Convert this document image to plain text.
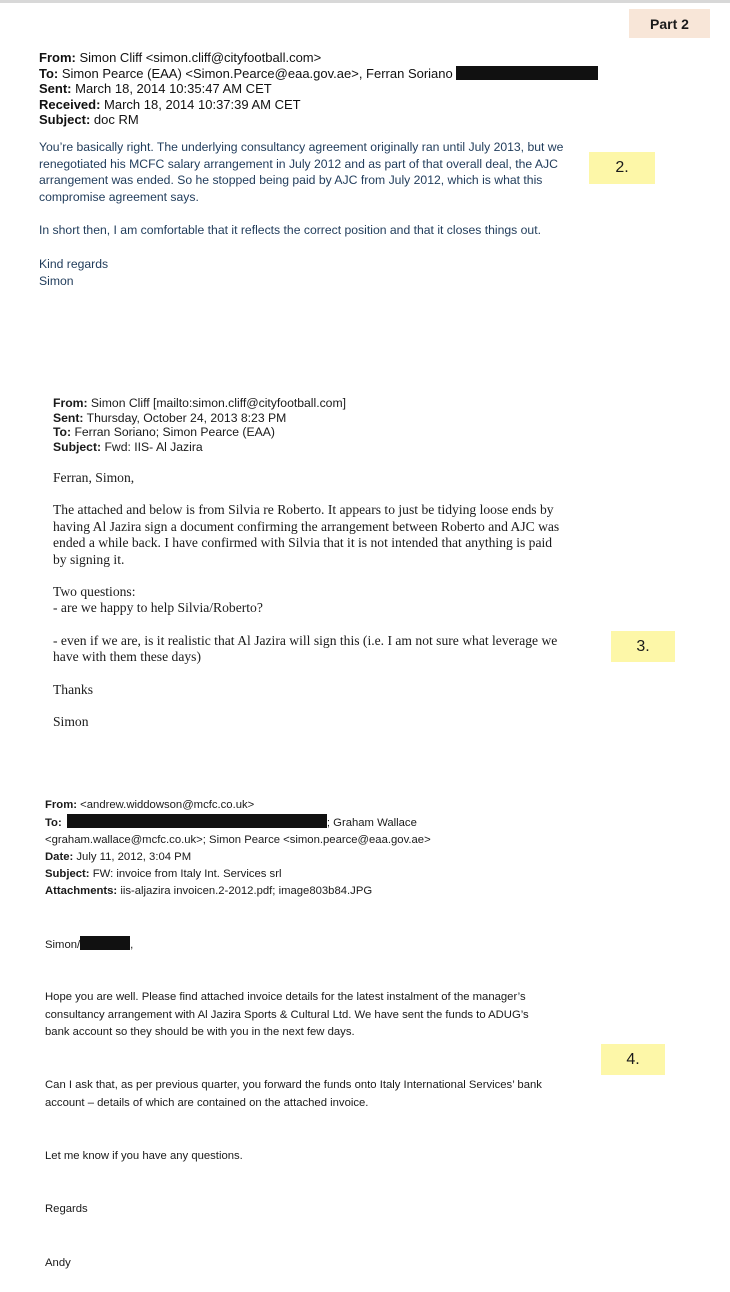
Part 2
2.
3.
4.
From: Simon Cliff <simon.cliff@cityfootball.com>
To: Simon Pearce (EAA) <Simon.Pearce@eaa.gov.ae>, Ferran Soriano
Sent: March 18, 2014 10:35:47 AM CET
Received: March 18, 2014 10:37:39 AM CET
Subject: doc RM

You’re basically right. The underlying consultancy agreement originally ran until July 2013, but we
renegotiated his MCFC salary arrangement in July 2012 and as part of that overall deal, the AJC
arrangement was ended. So he stopped being paid by AJC from July 2012, which is what this
compromise agreement says.

In short then, I am comfortable that it reflects the correct position and that it closes things out.

Kind regards
Simon

From: Simon Cliff [mailto:simon.cliff@cityfootball.com]
Sent: Thursday, October 24, 2013 8:23 PM
To: Ferran Soriano; Simon Pearce (EAA)
Subject: Fwd: IIS- Al Jazira

Ferran, Simon,

The attached and below is from Silvia re Roberto. It appears to just be tidying loose ends by
having Al Jazira sign a document confirming the arrangement between Roberto and AJC was
ended a while back. I have confirmed with Silvia that it is not intended that anything is paid
by signing it.

Two questions:
- are we happy to help Silvia/Roberto?

- even if we are, is it realistic that Al Jazira will sign this (i.e. I am not sure what leverage we
have with them these days)

Thanks

Simon

From: <andrew.widdowson@mcfc.co.uk>
To:	; Graham Wallace
<graham.wallace@mcfc.co.uk>; Simon Pearce <simon.pearce@eaa.gov.ae>
Date: July 11, 2012, 3:04 PM
Subject: FW: invoice from Italy Int. Services srl
Attachments: iis-aljazira invoicen.2-2012.pdf; image803b84.JPG
Simon/	,
Hope you are well. Please find attached invoice details for the latest instalment of the manager’s
consultancy arrangement with Al Jazira Sports & Cultural Ltd. We have sent the funds to ADUG’s
bank account so they should be with you in the next few days.
Can I ask that, as per previous quarter, you forward the funds onto Italy International Services’ bank
account – details of which are contained on the attached invoice.
Let me know if you have any questions.
Regards
Andy
